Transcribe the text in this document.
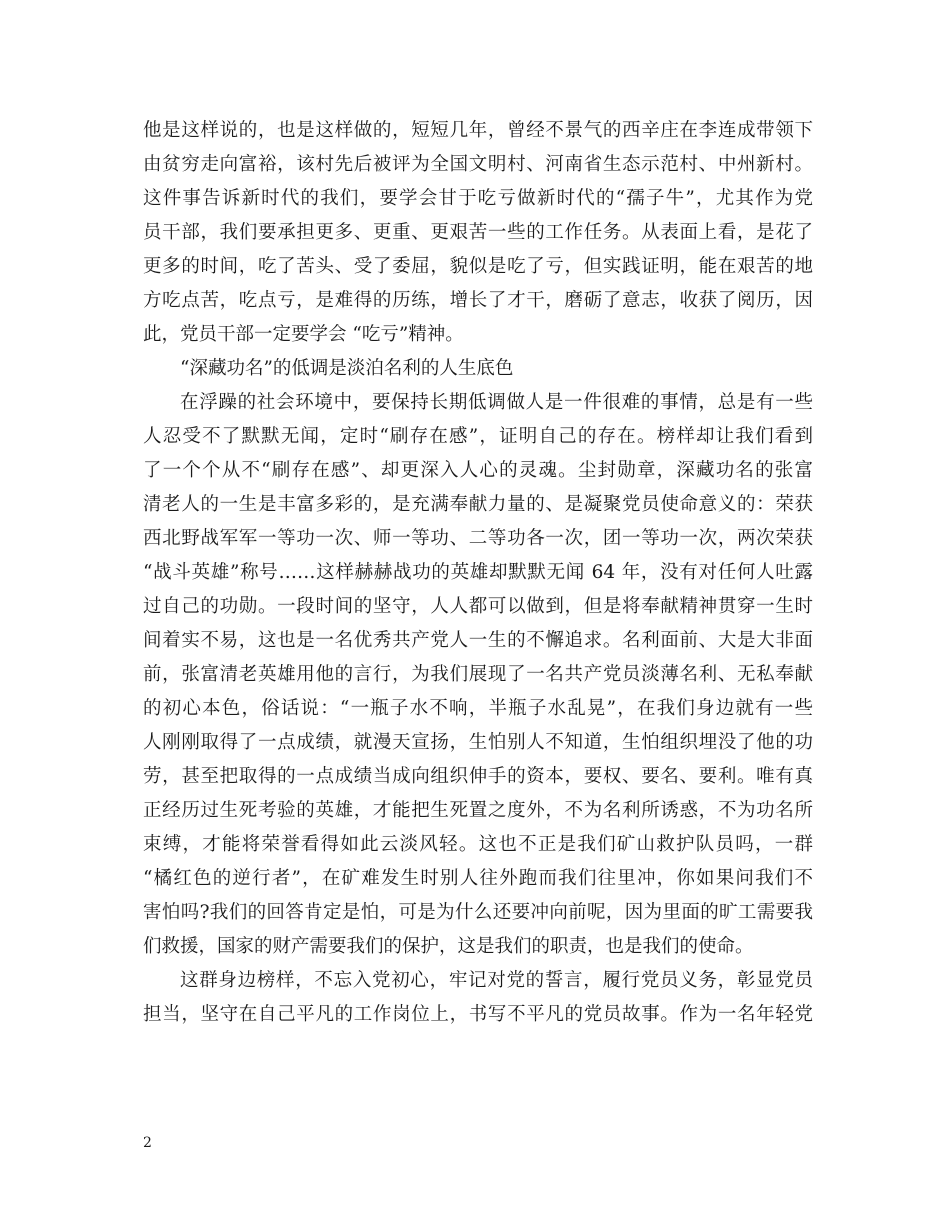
他是这样说的，也是这样做的，短短几年，曾经不景气的西辛庄在李连成带领下
由贫穷走向富裕，该村先后被评为全国文明村、河南省生态示范村、中州新村。
这件事告诉新时代的我们，要学会甘于吃亏做新时代的“孺子牛”，尤其作为党
员干部，我们要承担更多、更重、更艰苦一些的工作任务。从表面上看，是花了
更多的时间，吃了苦头、受了委屈，貌似是吃了亏，但实践证明，能在艰苦的地
方吃点苦，吃点亏，是难得的历练，增长了才干，磨砺了意志，收获了阅历，因
此，党员干部一定要学会 “吃亏”精神。
“深藏功名”的低调是淡泊名利的人生底色
在浮躁的社会环境中，要保持长期低调做人是一件很难的事情，总是有一些
人忍受不了默默无闻，定时“刷存在感”，证明自己的存在。榜样却让我们看到
了一个个从不“刷存在感”、却更深入人心的灵魂。尘封勋章，深藏功名的张富
清老人的一生是丰富多彩的，是充满奉献力量的、是凝聚党员使命意义的：荣获
西北野战军军一等功一次、师一等功、二等功各一次，团一等功一次，两次荣获
“战斗英雄”称号……这样赫赫战功的英雄却默默无闻 64 年，没有对任何人吐露
过自己的功勋。一段时间的坚守，人人都可以做到，但是将奉献精神贯穿一生时
间着实不易，这也是一名优秀共产党人一生的不懈追求。名利面前、大是大非面
前，张富清老英雄用他的言行，为我们展现了一名共产党员淡薄名利、无私奉献
的初心本色，俗话说：“一瓶子水不响，半瓶子水乱晃”，在我们身边就有一些
人刚刚取得了一点成绩，就漫天宣扬，生怕别人不知道，生怕组织埋没了他的功
劳，甚至把取得的一点成绩当成向组织伸手的资本，要权、要名、要利。唯有真
正经历过生死考验的英雄，才能把生死置之度外，不为名利所诱惑，不为功名所
束缚，才能将荣誉看得如此云淡风轻。这也不正是我们矿山救护队员吗，一群
“橘红色的逆行者”，在矿难发生时别人往外跑而我们往里冲，你如果问我们不
害怕吗?我们的回答肯定是怕，可是为什么还要冲向前呢，因为里面的旷工需要我
们救援，国家的财产需要我们的保护，这是我们的职责，也是我们的使命。
这群身边榜样，不忘入党初心，牢记对党的誓言，履行党员义务，彰显党员
担当，坚守在自己平凡的工作岗位上，书写不平凡的党员故事。作为一名年轻党
2
